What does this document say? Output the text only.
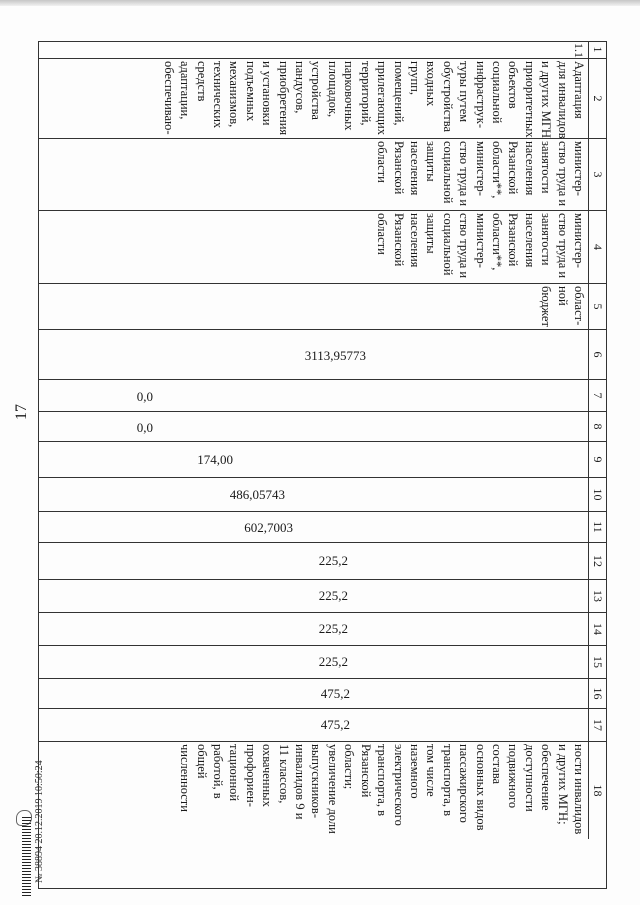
17
№ 38894 20.12.2019 10:50:24
1
2
3
4
5
6
7
8
9
10
11
12
13
14
15
16
17
18
1.1
Адаптация
для инвалидов
и других МГН
приоритетных
объектов
социальной
инфраструк-
туры путем
обустройства
входных
групп,
помещений,
прилегающих
территорий,
парковочных
площадок,
устройства
пандусов,
приобретения
и установки
подъемных
механизмов,
технических
средств
адаптации,
обеспечиваю-
министер-
ство труда и
занятости
населения
Рязанской
области**,
министер-
ство труда и
социальной
защиты
населения
Рязанской
области
министер-
ство труда и
занятости
населения
Рязанской
области**,
министер-
ство труда и
социальной
защиты
населения
Рязанской
области
област-
ной
бюджет
3113,95773
0,0
0,0
174,00
486,05743
602,7003
225,2
225,2
225,2
225,2
475,2
475,2
ности инвалидов
и других МГН;
обеспечение
доступности
подвижного
состава
основных видов
пассажирского
транспорта, в
том числе
наземного
электрического
транспорта, в
Рязанской
области;
увеличение доли
выпускников-
инвалидов 9 и
11 классов,
охваченных
профориен-
тационной
работой, в
общей
численности
